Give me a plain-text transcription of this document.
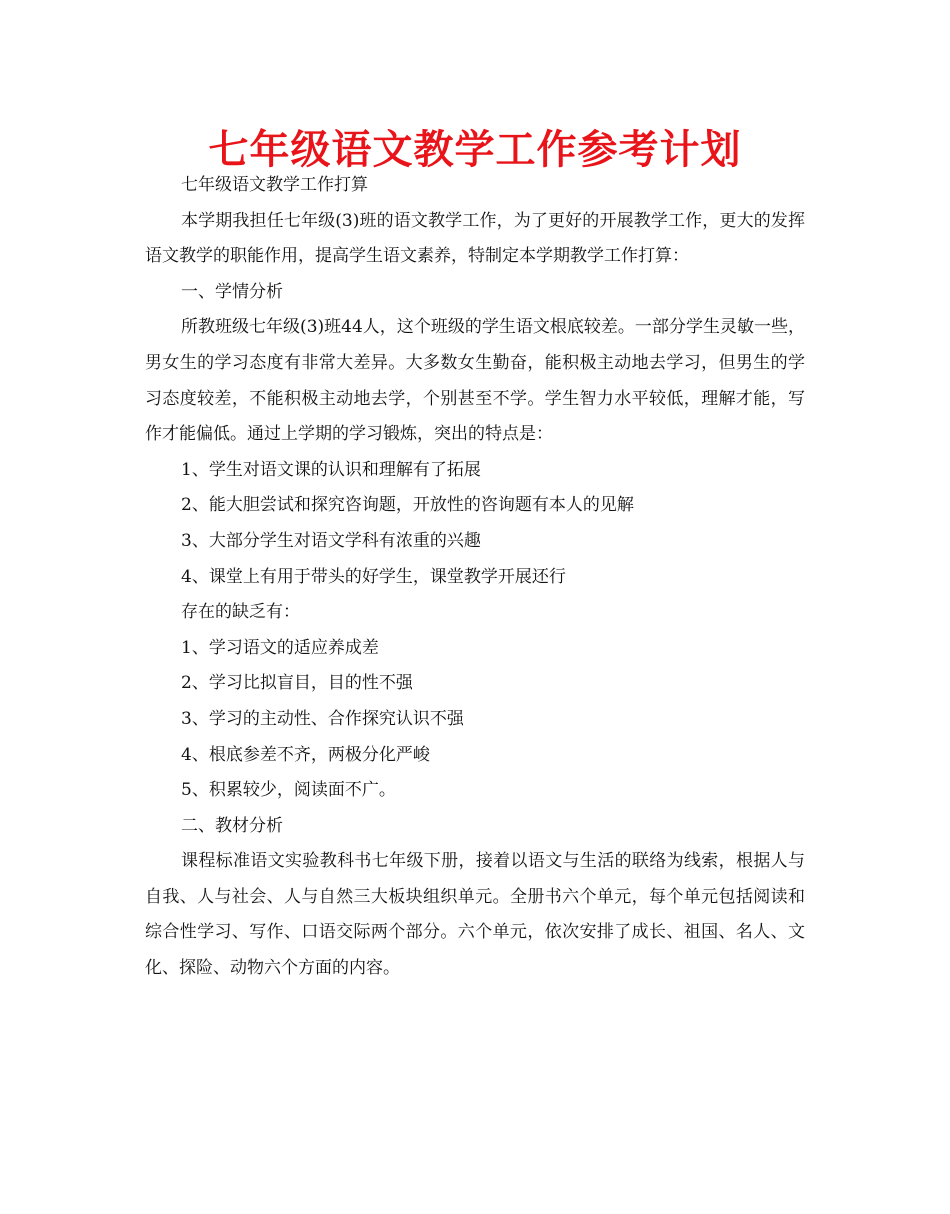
七年级语文教学工作参考计划

七年级语文教学工作打算

本学期我担任七年级(3)班的语文教学工作，为了更好的开展教学工作，更大的发挥语文教学的职能作用，提高学生语文素养，特制定本学期教学工作打算：

一、学情分析

所教班级七年级(3)班44人，这个班级的学生语文根底较差。一部分学生灵敏一些，男女生的学习态度有非常大差异。大多数女生勤奋，能积极主动地去学习，但男生的学习态度较差，不能积极主动地去学，个别甚至不学。学生智力水平较低，理解才能，写作才能偏低。通过上学期的学习锻炼，突出的特点是：

1、学生对语文课的认识和理解有了拓展

2、能大胆尝试和探究咨询题，开放性的咨询题有本人的见解

3、大部分学生对语文学科有浓重的兴趣

4、课堂上有用于带头的好学生，课堂教学开展还行

存在的缺乏有：

1、学习语文的适应养成差

2、学习比拟盲目，目的性不强

3、学习的主动性、合作探究认识不强

4、根底参差不齐，两极分化严峻

5、积累较少，阅读面不广。

二、教材分析

课程标准语文实验教科书七年级下册，接着以语文与生活的联络为线索，根据人与自我、人与社会、人与自然三大板块组织单元。全册书六个单元，每个单元包括阅读和综合性学习、写作、口语交际两个部分。六个单元，依次安排了成长、祖国、名人、文化、探险、动物六个方面的内容。
